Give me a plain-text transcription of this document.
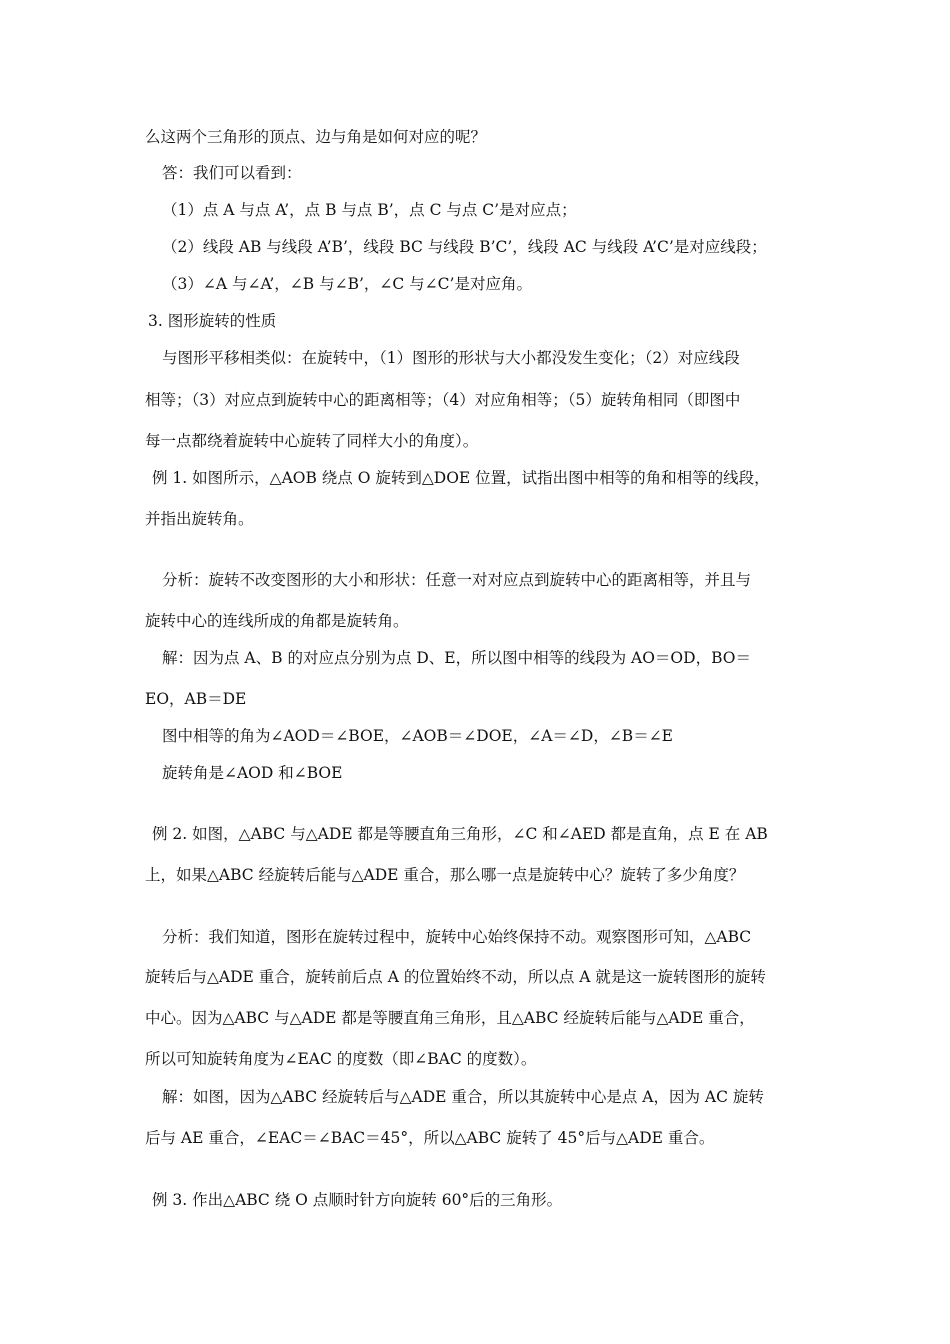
么这两个三角形的顶点、边与角是如何对应的呢？
答：我们可以看到：
（1）点 A 与点 A’，点 B 与点 B’，点 C 与点 C’是对应点；
（2）线段 AB 与线段 A’B’，线段 BC 与线段 B’C’，线段 AC 与线段 A’C’是对应线段；
（3）∠A 与∠A’，∠B 与∠B’，∠C 与∠C’是对应角。
3. 图形旋转的性质
与图形平移相类似：在旋转中，（1）图形的形状与大小都没发生变化；（2）对应线段
相等；（3）对应点到旋转中心的距离相等；（4）对应角相等；（5）旋转角相同（即图中
每一点都绕着旋转中心旋转了同样大小的角度）。
例 1. 如图所示，△AOB 绕点 O 旋转到△DOE 位置，试指出图中相等的角和相等的线段，
并指出旋转角。
分析：旋转不改变图形的大小和形状：任意一对对应点到旋转中心的距离相等，并且与
旋转中心的连线所成的角都是旋转角。
解：因为点 A、B 的对应点分别为点 D、E，所以图中相等的线段为 AO＝OD，BO＝
EO，AB＝DE
图中相等的角为∠AOD＝∠BOE，∠AOB＝∠DOE，∠A＝∠D，∠B＝∠E
旋转角是∠AOD 和∠BOE
例 2. 如图，△ABC 与△ADE 都是等腰直角三角形，∠C 和∠AED 都是直角，点 E 在 AB
上，如果△ABC 经旋转后能与△ADE 重合，那么哪一点是旋转中心？旋转了多少角度？
分析：我们知道，图形在旋转过程中，旋转中心始终保持不动。观察图形可知，△ABC
旋转后与△ADE 重合，旋转前后点 A 的位置始终不动，所以点 A 就是这一旋转图形的旋转
中心。因为△ABC 与△ADE 都是等腰直角三角形，且△ABC 经旋转后能与△ADE 重合，
所以可知旋转角度为∠EAC 的度数（即∠BAC 的度数）。
解：如图，因为△ABC 经旋转后与△ADE 重合，所以其旋转中心是点 A，因为 AC 旋转
后与 AE 重合，∠EAC＝∠BAC＝45°，所以△ABC 旋转了 45°后与△ADE 重合。
例 3. 作出△ABC 绕 O 点顺时针方向旋转 60°后的三角形。
